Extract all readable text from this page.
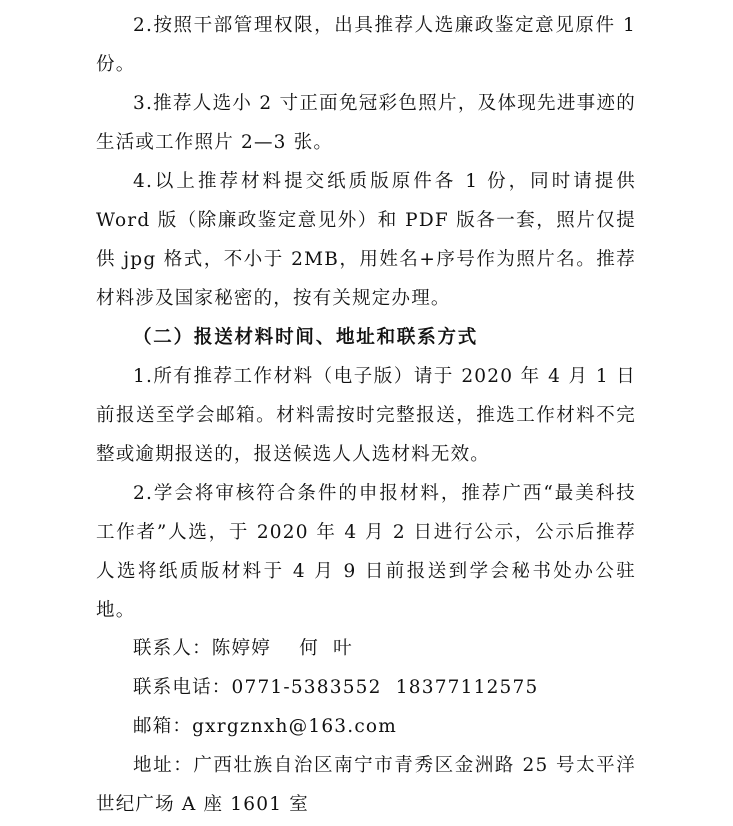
2.按照干部管理权限，出具推荐人选廉政鉴定意见原件 1 份。

3.推荐人选小 2 寸正面免冠彩色照片，及体现先进事迹的生活或工作照片 2—3 张。

4.以上推荐材料提交纸质版原件各 1 份，同时请提供 Word 版（除廉政鉴定意见外）和 PDF 版各一套，照片仅提供 jpg 格式，不小于 2MB，用姓名+序号作为照片名。推荐材料涉及国家秘密的，按有关规定办理。

（二）报送材料时间、地址和联系方式

1.所有推荐工作材料（电子版）请于 2020 年 4 月 1 日前报送至学会邮箱。材料需按时完整报送，推选工作材料不完整或逾期报送的，报送候选人人选材料无效。

2.学会将审核符合条件的申报材料，推荐广西“最美科技工作者”人选，于 2020 年 4 月 2 日进行公示，公示后推荐人选将纸质版材料于 4 月 9 日前报送到学会秘书处办公驻地。

联系人：陈婷婷    何  叶

联系电话：0771-5383552  18377112575

邮箱：gxrgznxh@163.com

地址：广西壮族自治区南宁市青秀区金洲路 25 号太平洋世纪广场 A 座 1601 室
